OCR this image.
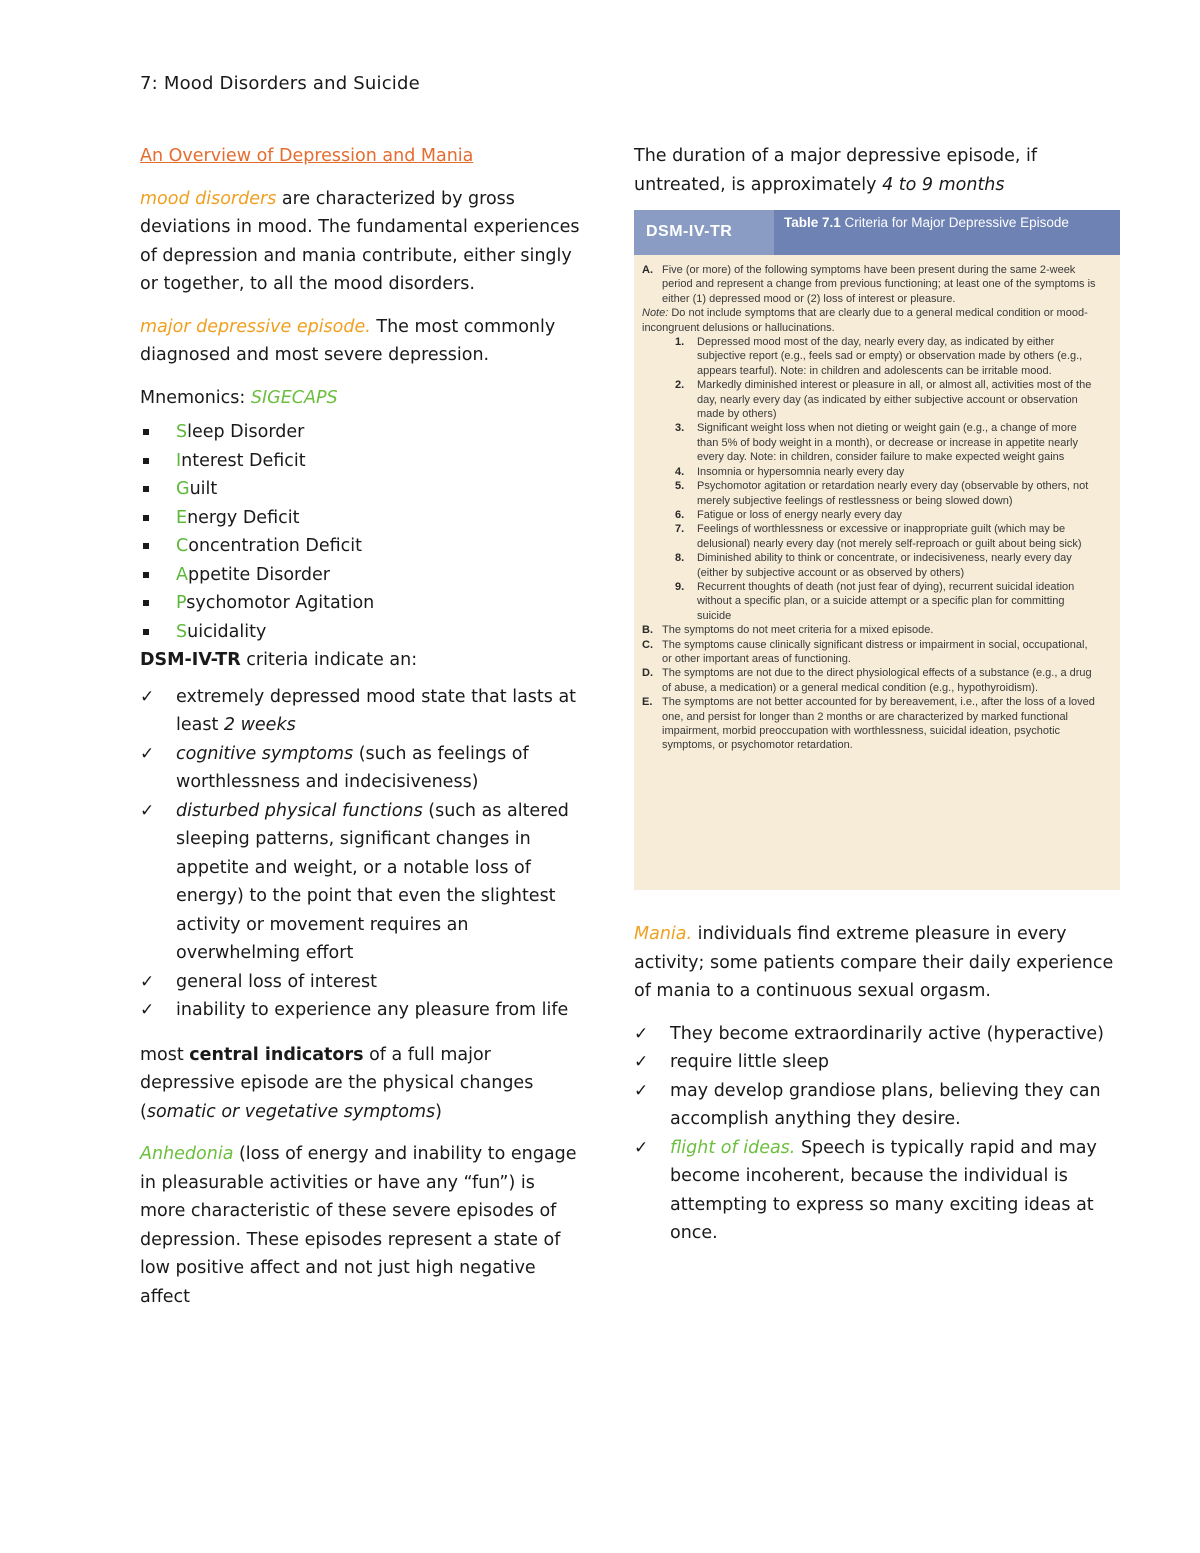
7: Mood Disorders and Suicide

An Overview of Depression and Mania

mood disorders are characterized by gross deviations in mood. The fundamental experiences of depression and mania contribute, either singly or together, to all the mood disorders.

major depressive episode. The most commonly diagnosed and most severe depression.

Mnemonics: SIGECAPS

Sleep Disorder
Interest Deficit
Guilt
Energy Deficit
Concentration Deficit
Appetite Disorder
Psychomotor Agitation
Suicidality

DSM-IV-TR criteria indicate an:

✓ extremely depressed mood state that lasts at least 2 weeks
✓ cognitive symptoms (such as feelings of worthlessness and indecisiveness)
✓ disturbed physical functions (such as altered sleeping patterns, significant changes in appetite and weight, or a notable loss of energy) to the point that even the slightest activity or movement requires an overwhelming effort
✓ general loss of interest
✓ inability to experience any pleasure from life

most central indicators of a full major depressive episode are the physical changes (somatic or vegetative symptoms)

Anhedonia (loss of energy and inability to engage in pleasurable activities or have any “fun”) is more characteristic of these severe episodes of depression. These episodes represent a state of low positive affect and not just high negative affect

The duration of a major depressive episode, if untreated, is approximately 4 to 9 months

DSM-IV-TR
Table 7.1 Criteria for Major Depressive Episode
A. Five (or more) of the following symptoms have been present during the same 2-week period and represent a change from previous functioning; at least one of the symptoms is either (1) depressed mood or (2) loss of interest or pleasure.
Note: Do not include symptoms that are clearly due to a general medical condition or mood-incongruent delusions or hallucinations.
1. Depressed mood most of the day, nearly every day, as indicated by either subjective report (e.g., feels sad or empty) or observation made by others (e.g., appears tearful). Note: in children and adolescents can be irritable mood.
2. Markedly diminished interest or pleasure in all, or almost all, activities most of the day, nearly every day (as indicated by either subjective account or observation made by others)
3. Significant weight loss when not dieting or weight gain (e.g., a change of more than 5% of body weight in a month), or decrease or increase in appetite nearly every day. Note: in children, consider failure to make expected weight gains
4. Insomnia or hypersomnia nearly every day
5. Psychomotor agitation or retardation nearly every day (observable by others, not merely subjective feelings of restlessness or being slowed down)
6. Fatigue or loss of energy nearly every day
7. Feelings of worthlessness or excessive or inappropriate guilt (which may be delusional) nearly every day (not merely self-reproach or guilt about being sick)
8. Diminished ability to think or concentrate, or indecisiveness, nearly every day (either by subjective account or as observed by others)
9. Recurrent thoughts of death (not just fear of dying), recurrent suicidal ideation without a specific plan, or a suicide attempt or a specific plan for committing suicide
B. The symptoms do not meet criteria for a mixed episode.
C. The symptoms cause clinically significant distress or impairment in social, occupational, or other important areas of functioning.
D. The symptoms are not due to the direct physiological effects of a substance (e.g., a drug of abuse, a medication) or a general medical condition (e.g., hypothyroidism).
E. The symptoms are not better accounted for by bereavement, i.e., after the loss of a loved one, and persist for longer than 2 months or are characterized by marked functional impairment, morbid preoccupation with worthlessness, suicidal ideation, psychotic symptoms, or psychomotor retardation.

Mania. individuals find extreme pleasure in every activity; some patients compare their daily experience of mania to a continuous sexual orgasm.

✓ They become extraordinarily active (hyperactive)
✓ require little sleep
✓ may develop grandiose plans, believing they can accomplish anything they desire.
✓ flight of ideas. Speech is typically rapid and may become incoherent, because the individual is attempting to express so many exciting ideas at once.
